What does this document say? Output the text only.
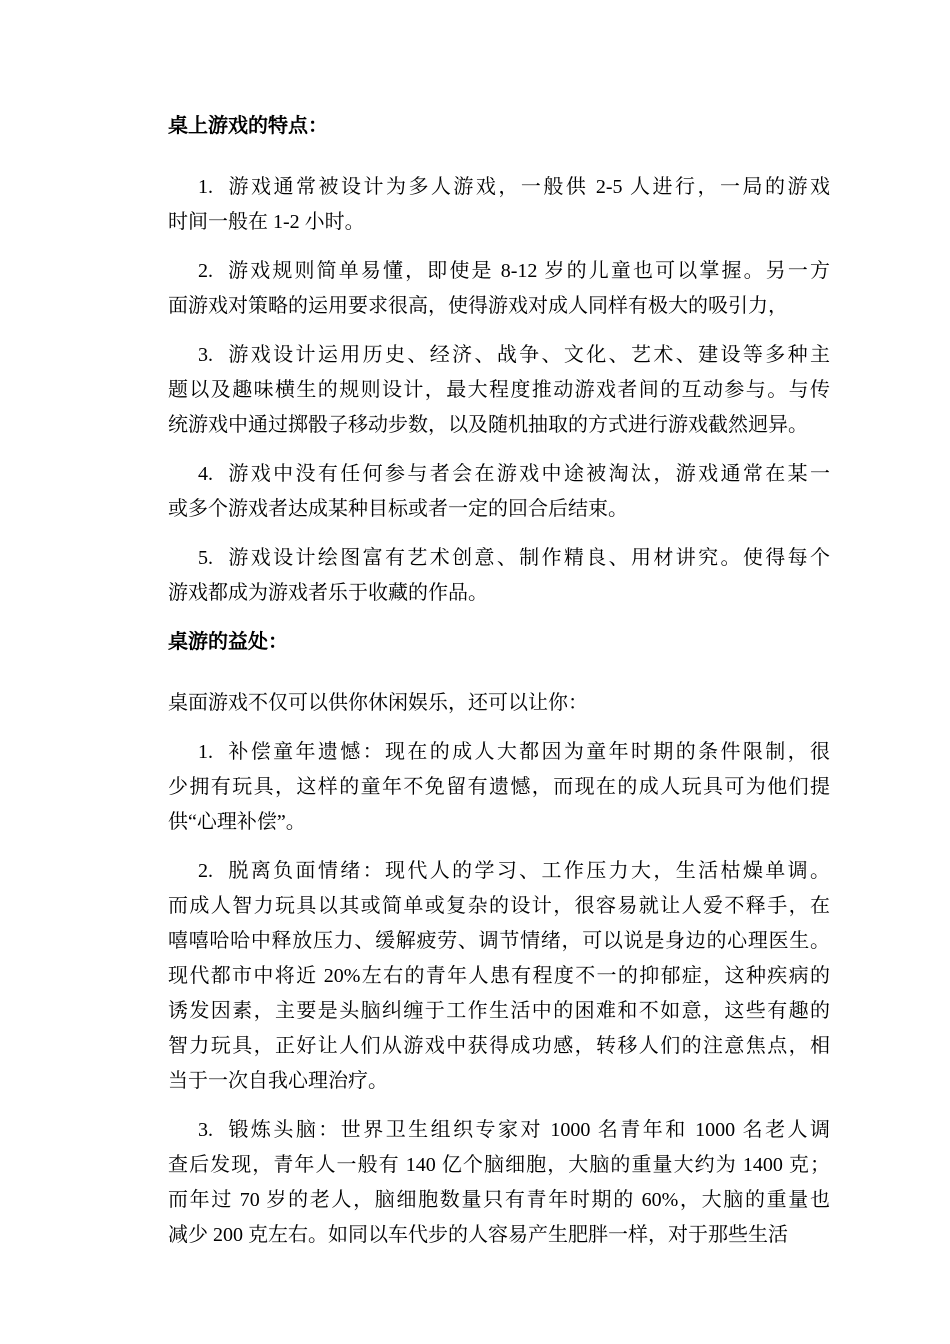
桌上游戏的特点：
1. 游戏通常被设计为多人游戏，一般供 2-5 人进行，一局的游戏
时间一般在 1-2 小时。
2. 游戏规则简单易懂，即使是 8-12 岁的儿童也可以掌握。另一方
面游戏对策略的运用要求很高，使得游戏对成人同样有极大的吸引力，
3. 游戏设计运用历史、经济、战争、文化、艺术、建设等多种主
题以及趣味横生的规则设计，最大程度推动游戏者间的互动参与。与传
统游戏中通过掷骰子移动步数，以及随机抽取的方式进行游戏截然迥异。
4. 游戏中没有任何参与者会在游戏中途被淘汰，游戏通常在某一
或多个游戏者达成某种目标或者一定的回合后结束。
5. 游戏设计绘图富有艺术创意、制作精良、用材讲究。使得每个
游戏都成为游戏者乐于收藏的作品。
桌游的益处：
桌面游戏不仅可以供你休闲娱乐，还可以让你：
1. 补偿童年遗憾：现在的成人大都因为童年时期的条件限制，很
少拥有玩具，这样的童年不免留有遗憾，而现在的成人玩具可为他们提
供“心理补偿”。
2. 脱离负面情绪：现代人的学习、工作压力大，生活枯燥单调。
而成人智力玩具以其或简单或复杂的设计，很容易就让人爱不释手，在
嘻嘻哈哈中释放压力、缓解疲劳、调节情绪，可以说是身边的心理医生。
现代都市中将近 20%左右的青年人患有程度不一的抑郁症，这种疾病的
诱发因素，主要是头脑纠缠于工作生活中的困难和不如意，这些有趣的
智力玩具，正好让人们从游戏中获得成功感，转移人们的注意焦点，相
当于一次自我心理治疗。
3. 锻炼头脑：世界卫生组织专家对 1000 名青年和 1000 名老人调
查后发现，青年人一般有 140 亿个脑细胞，大脑的重量大约为 1400 克；
而年过 70 岁的老人，脑细胞数量只有青年时期的 60%，大脑的重量也
减少 200 克左右。如同以车代步的人容易产生肥胖一样，对于那些生活
